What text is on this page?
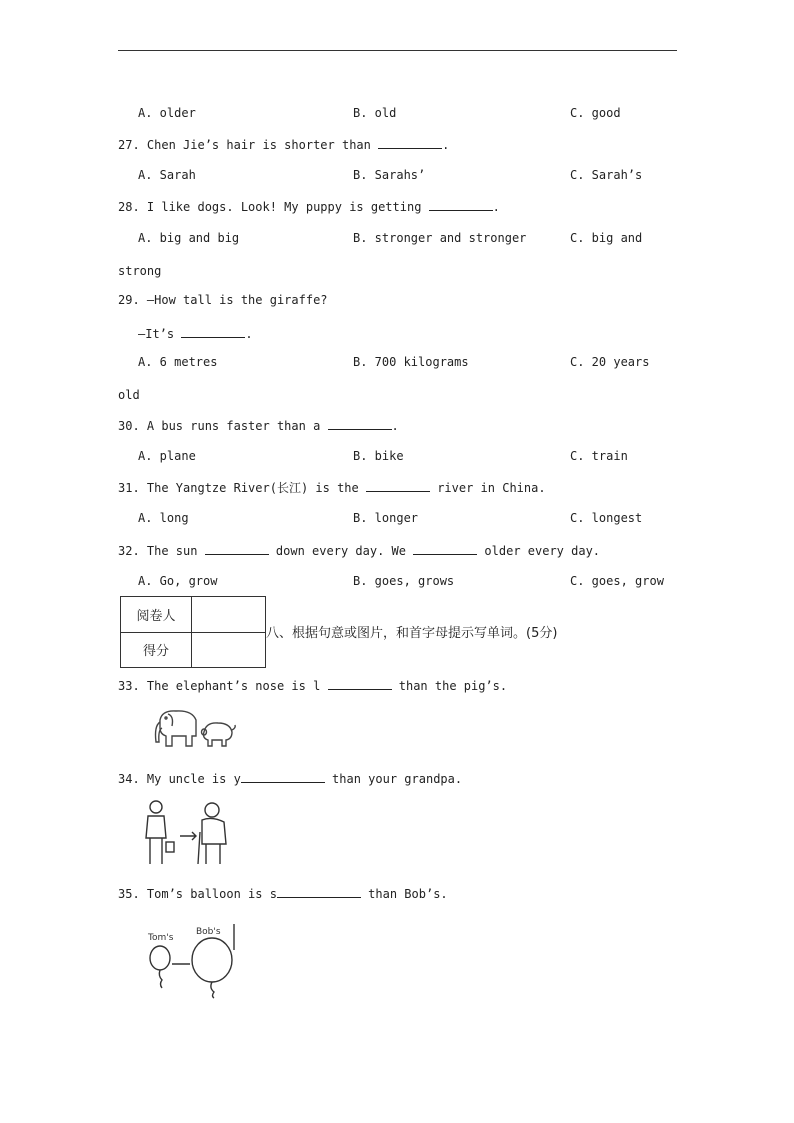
A. older	B. old	C. good
27. Chen Jie’s hair is shorter than	.
A. Sarah	B. Sarahs’	C. Sarah’s
28. I like dogs. Look! My puppy is getting	.
A. big and big	B. stronger and stronger	C. big and
strong
29. —How tall is the giraffe?
—It’s	.
A. 6 metres	B. 700 kilograms	C. 20 years
old
30. A bus runs faster than a	.
A. plane	B. bike	C. train
31. The Yangtze River(长江) is the	river in China.
A. long	B. longer	C. longest
32. The sun	down every day. We	older every day.
A. Go, grow	B. goes, grows	C. goes, grow
阅卷人	
得分	
八、根据句意或图片，和首字母提示写单词。(5分)
33. The elephant’s nose is l	than the pig’s.
34. My uncle is y	than your grandpa.
35. Tom’s balloon is s	than Bob’s.
Tom's
Bob's
